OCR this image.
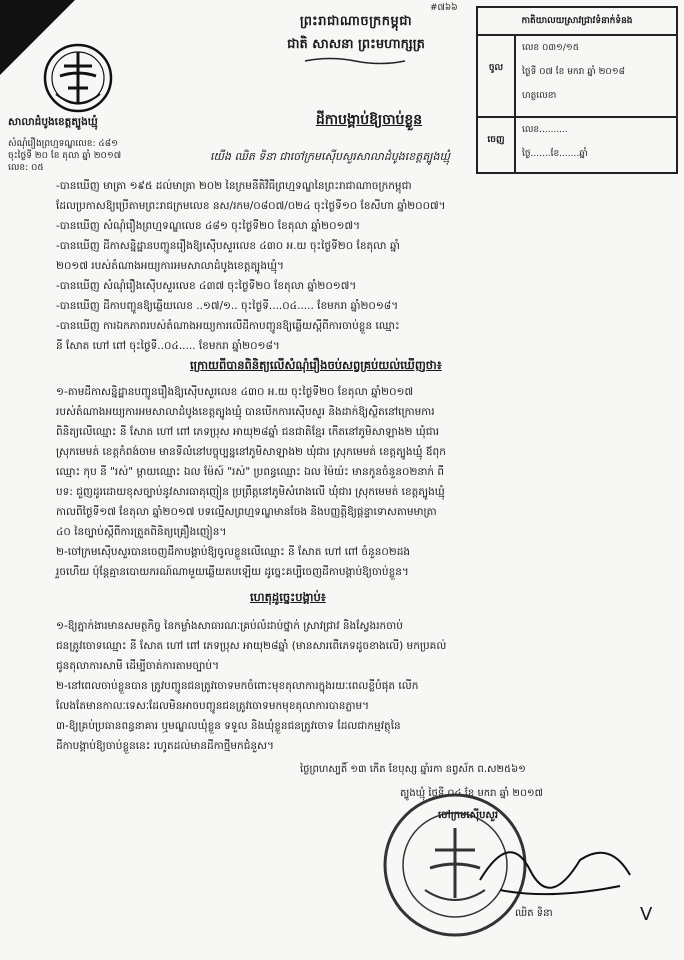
#៧៦៦
ព្រះរាជាណាចក្រកម្ពុជា
ជាតិ សាសនា ព្រះមហាក្សត្រ
សាលាដំបូងខេត្តត្បូងឃ្មុំ
សំណុំរឿងព្រហ្មទណ្ឌលេខ: ៤៨១
ចុះថ្ងៃទី ២០ ខែ តុលា ឆ្នាំ ២០១៧
លេខ: ០៥
កាតិយាលយស្រាវជ្រាវទំនាក់ទំនង
ចូល
លេខ ០៣១/១៥
ថ្ងៃទី ០៧ ខែ មករា ឆ្នាំ ២០១៨
ហត្ថលេខា
ចេញ
លេខ..........
ថ្ងៃ.......ខែ.......ឆ្នាំ
ដីកាបង្គាប់ឱ្យចាប់ខ្លួន
យើង ឈិត ទិនា ជាចៅក្រមស៊ើបសួរសាលាដំបូងខេត្តត្បូងឃ្មុំ
-បានឃើញ មាត្រា ១៩៥ ដល់មាត្រា ២០២ នៃក្រមនីតិវិធីព្រហ្មទណ្ឌនៃព្រះរាជាណាចក្រកម្ពុជា
ដែលប្រកាសឱ្យប្រើតាមព្រះរាជក្រមលេខ នស/រកម/០៨០៧/០២៤ ចុះថ្ងៃទី១០ ខែសីហា ឆ្នាំ២០០៧។
-បានឃើញ សំណុំរឿងព្រហ្មទណ្ឌលេខ ៤៨១ ចុះថ្ងៃទី២០ ខែតុលា ឆ្នាំ២០១៧។
-បានឃើញ ដីកាសន្និដ្ឋានបញ្ជូនរឿងឱ្យស៊ើបសួរលេខ ៤៣០ អ.យ ចុះថ្ងៃទី២០ ខែតុលា ឆ្នាំ
២០១៧ របស់តំណាងអយ្យការអមសាលាដំបូងខេត្តត្បូងឃ្មុំ។
-បានឃើញ សំណុំរឿងស៊ើបសួរលេខ ៤៣៧ ចុះថ្ងៃទី២០ ខែតុលា ឆ្នាំ២០១៧។
-បានឃើញ ដីកាបញ្ជូនឱ្យឆ្លើយលេខ ..១៧/១.. ចុះថ្ងៃទី....០៤..... ខែមករា ឆ្នាំ២០១៨។
-បានឃើញ ការឯកភាពរបស់តំណាងអយ្យការលើដីកាបញ្ជូនឱ្យឆ្លើយស្តីពីការចាប់ខ្លួន ឈ្មោះ
នី សែាត ហៅ ពៅ ចុះថ្ងៃទី..០៤..... ខែមករា ឆ្នាំ២០១៨។
ក្រោយពីបានពិនិត្យលើសំណុំរឿងចប់សព្វគ្រប់យល់ឃើញថា៖
១-តាមដីកាសន្និដ្ឋានបញ្ជូនរឿងឱ្យស៊ើបសួរលេខ ៤៣០ អ.យ ចុះថ្ងៃទី២០ ខែតុលា ឆ្នាំ២០១៧
របស់តំណាងអយ្យការអមសាលាដំបូងខេត្តត្បូងឃ្មុំ បានបើកការស៊ើបសួរ និងដាក់ឱ្យស្ថិតនៅក្រោមការ
ពិនិត្យលើឈ្មោះ នី សែាត ហៅ ពៅ ភេទប្រុស អាយុ២៨ឆ្នាំ ជនជាតិខ្មែរ កើតនៅភូមិសាឡាង២ ឃុំជារ
ស្រុកមេមត់ ខេត្តកំពង់ចាម មានទីលំនៅបច្ចុប្បន្ននៅភូមិសាឡាង២ ឃុំជារ ស្រុកមេមត់ ខេត្តត្បូងឃ្មុំ ឪពុក
ឈ្មោះ កុប នី "រស់" ម្តាយឈ្មោះ ឯល ម៉ែស៍ "រស់" ប្រពន្ធឈ្មោះ ឯល ម៉ៃយ៉ះ មានកូនចំនួន០២នាក់ ពី
បទ: ជួញដូរដោយខុសច្បាប់នូវសារធាតុញៀន ប្រព្រឹត្តនៅភូមិសំរោងលើ ឃុំជារ ស្រុកមេមត់ ខេត្តត្បូងឃ្មុំ
កាលពីថ្ងៃទី១៧ ខែតុលា ឆ្នាំ២០១៧ បទល្មើសព្រហ្មទណ្ឌមានចែង និងបញ្ញត្តិឱ្យផ្តន្ទាទោសតាមមាត្រា
៤០ នៃច្បាប់ស្តីពីការត្រួតពិនិត្យគ្រឿងញៀន។
២-ចៅក្រមស៊ើបសួរបានចេញដីកាបង្គាប់ឱ្យចូលខ្លួនលើឈ្មោះ នី សែាត ហៅ ពៅ ចំនួន០២ដង
រួចហើយ ប៉ុន្តែគ្មានបោយករណ៍ណាមួយឆ្លើយតបឡើយ ដូច្នេះគប្បីចេញដីកាបង្គាប់ឱ្យចាប់ខ្លួន។
ហេតុដូច្នេះបង្គាប់៖
១-ឱ្យភ្នាក់ងារមានសមត្ថកិច្ច នៃកម្លាំងសាធារណៈគ្រប់លំដាប់ថ្នាក់ ស្រាវជ្រាវ និងស្វែងរកចាប់
ជនត្រូវចោទឈ្មោះ នី សែាត ហៅ ពៅ ភេទប្រុស អាយុ២៨ឆ្នាំ (មានសារពើភេទដូចខាងលើ) មកប្រគល់
ជូនតុលាការសាមី ដើម្បីចាត់ការតាមច្បាប់។
២-នៅពេលចាប់ខ្លួនបាន ត្រូវបញ្ជូនជនត្រូវចោទមកចំពោះមុខតុលាការក្នុងរយៈពេលខ្លីបំផុត លើក
លែងតែមានកាលៈទេសៈដែលមិនអាចបញ្ជូនជនត្រូវចោទមកមុខតុលាការបានភ្លាម។
៣-ឱ្យគ្រប់ប្រធានពន្ធនាគារ ឬមណ្ឌលឃុំខ្លួន ទទួល និងឃុំខ្លួនជនត្រូវចោទ ដែលជាកម្មវត្ថុនៃ
ដីកាបង្គាប់ឱ្យចាប់ខ្លួននេះ រហូតដល់មានដីកាថ្មីមកជំនួស។
ថ្ងៃព្រហស្បតិ៍ ១៣ កើត ខែបុស្ស ឆ្នាំរកា នព្វស័ក ព.ស២៥៦១
ត្បូងឃ្មុំ ថ្ងៃទី ០៤ ខែ មករា ឆ្នាំ ២០១៧
ចៅក្រមស៊ើបសួរ
ឈិត ទិនា	V
